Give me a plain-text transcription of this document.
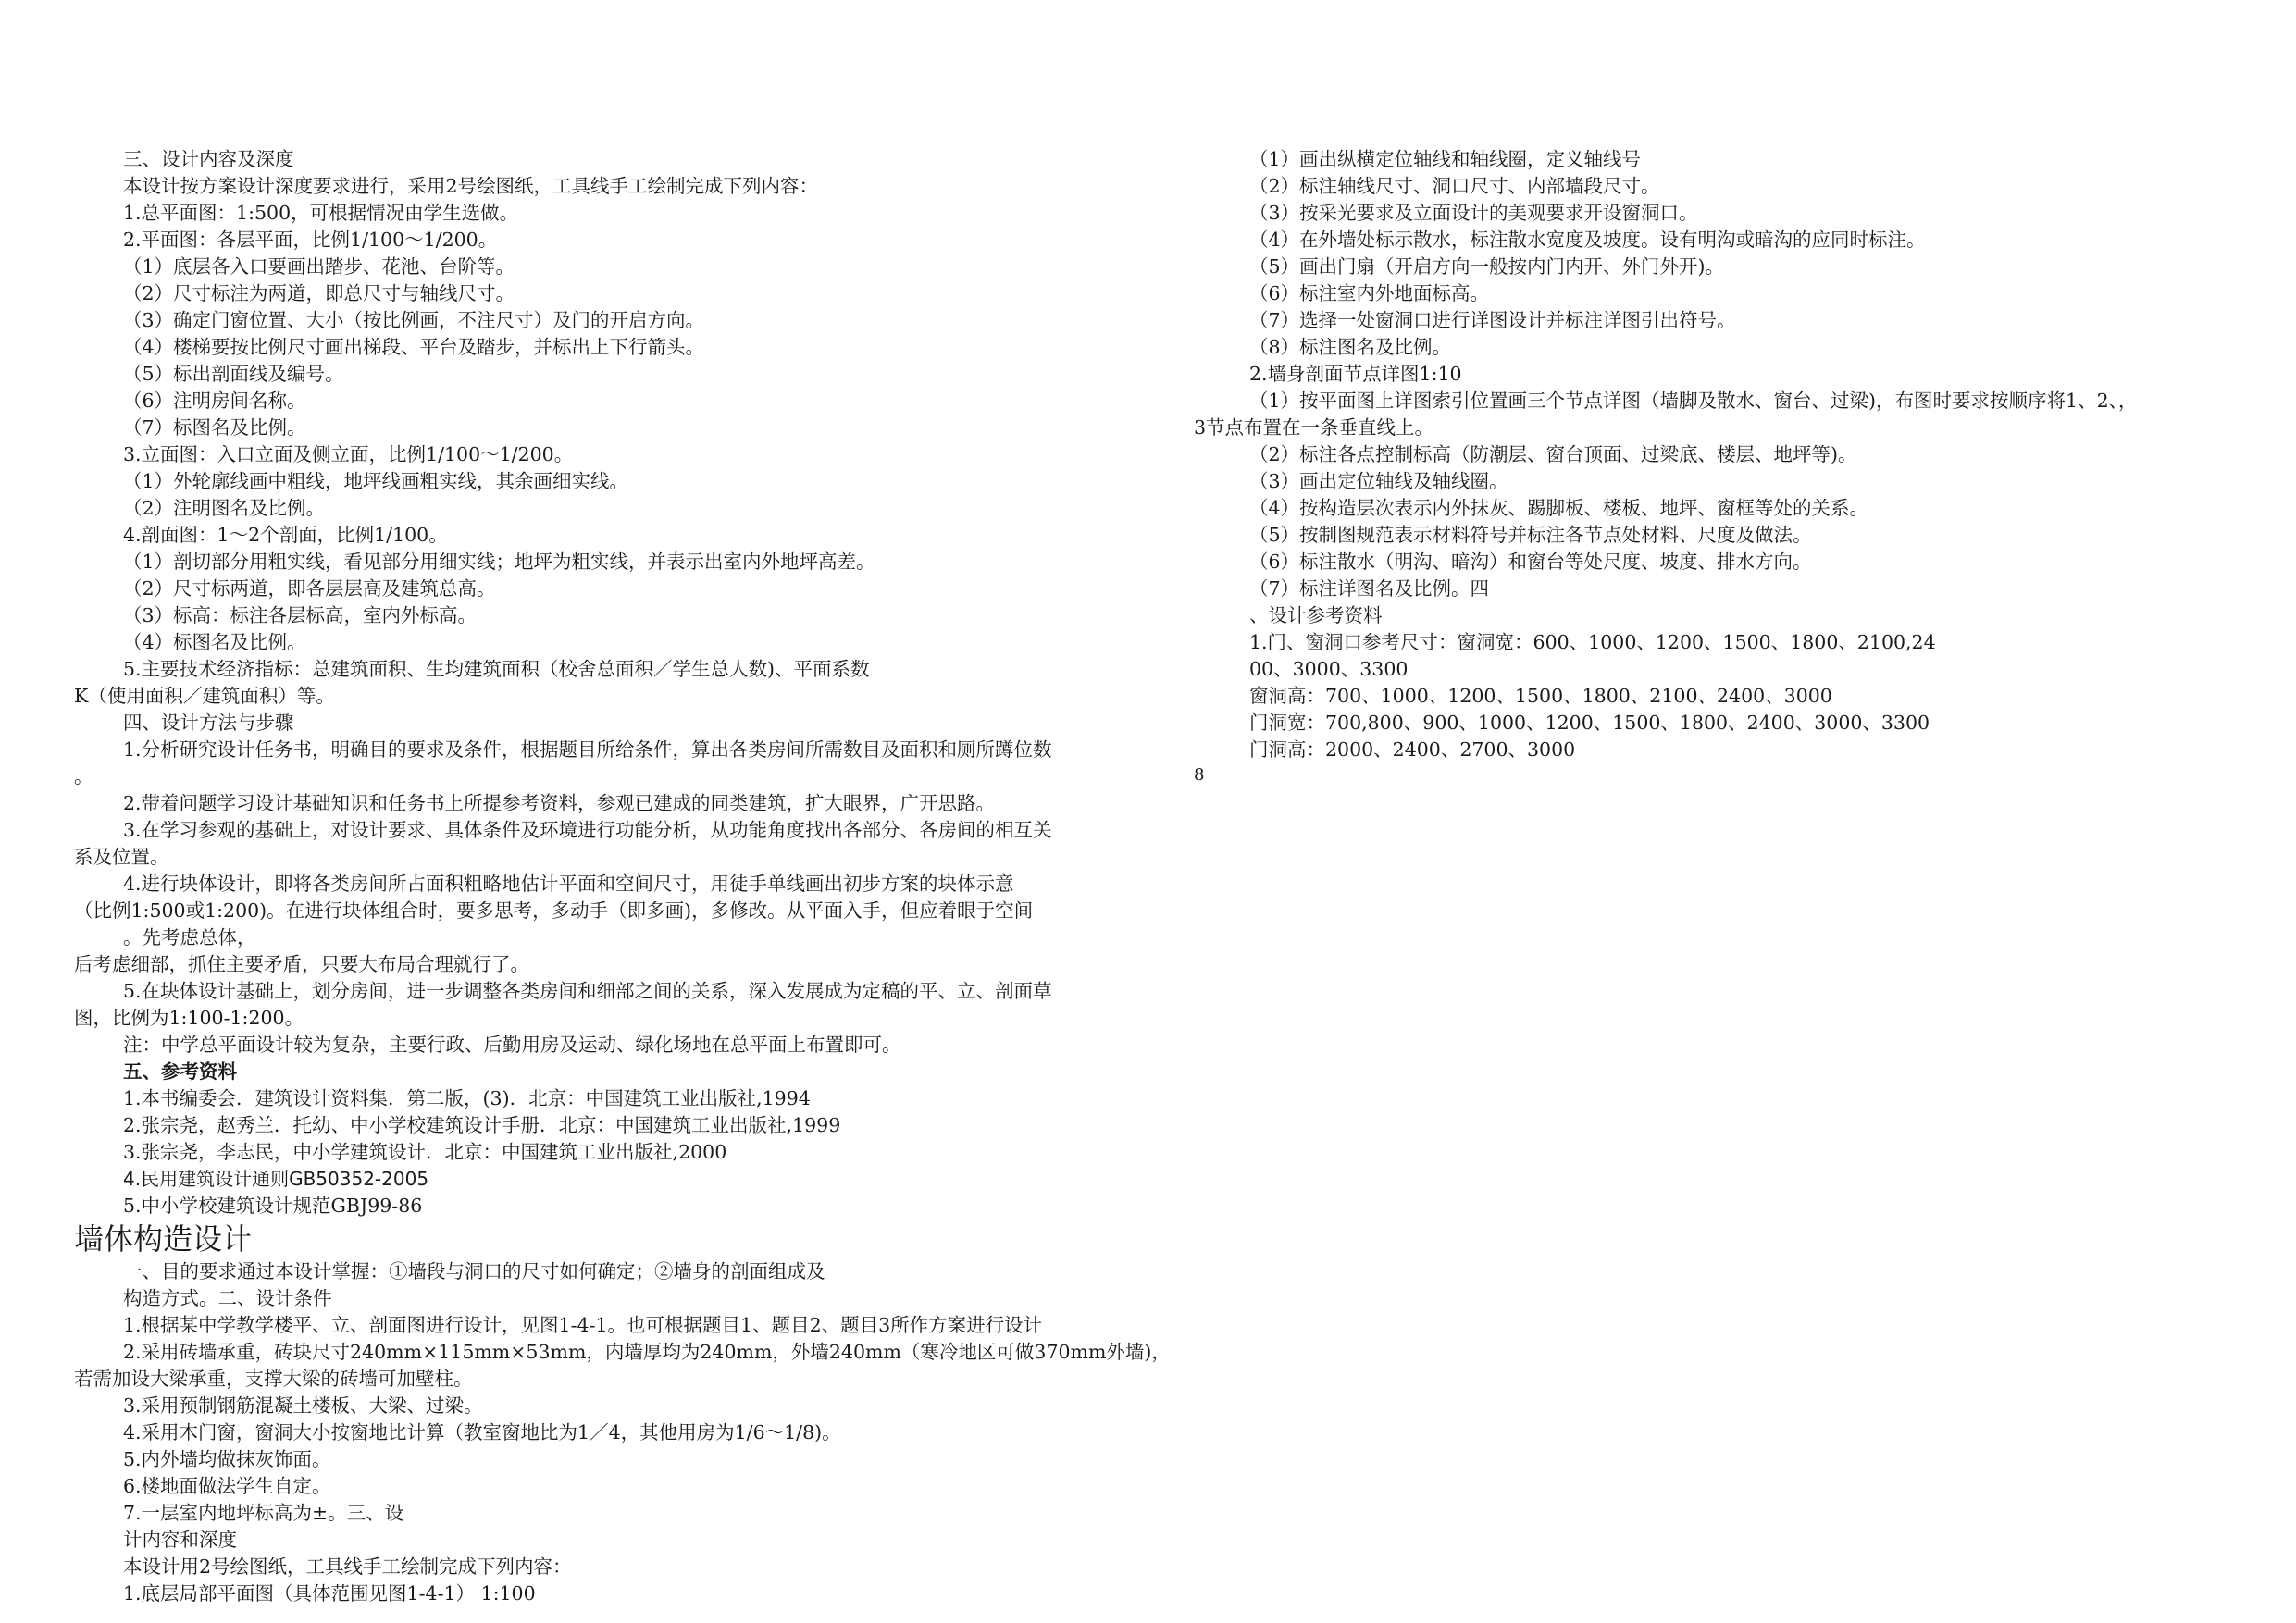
三、设计内容及深度
本设计按方案设计深度要求进行，采用2号绘图纸，工具线手工绘制完成下列内容：
1.总平面图：1:500，可根据情况由学生选做。
2.平面图：各层平面，比例1/100～1/200。
（1）底层各入口要画出踏步、花池、台阶等。
（2）尺寸标注为两道，即总尺寸与轴线尺寸。
（3）确定门窗位置、大小（按比例画，不注尺寸）及门的开启方向。
（4）楼梯要按比例尺寸画出梯段、平台及踏步，并标出上下行箭头。
（5）标出剖面线及编号。
（6）注明房间名称。
（7）标图名及比例。
3.立面图：入口立面及侧立面，比例1/100～1/200。
（1）外轮廓线画中粗线，地坪线画粗实线，其余画细实线。
（2）注明图名及比例。
4.剖面图：1～2个剖面，比例1/100。
（1）剖切部分用粗实线，看见部分用细实线；地坪为粗实线，并表示出室内外地坪高差。
（2）尺寸标两道，即各层层高及建筑总高。
（3）标高：标注各层标高，室内外标高。
（4）标图名及比例。
5.主要技术经济指标：总建筑面积、生均建筑面积（校舍总面积／学生总人数)、平面系数
K（使用面积／建筑面积）等。
四、设计方法与步骤
1.分析研究设计任务书，明确目的要求及条件，根据题目所给条件，算出各类房间所需数目及面积和厕所蹲位数
。
2.带着问题学习设计基础知识和任务书上所提参考资料，参观已建成的同类建筑，扩大眼界，广开思路。
3.在学习参观的基础上，对设计要求、具体条件及环境进行功能分析，从功能角度找出各部分、各房间的相互关
系及位置。
4.进行块体设计，即将各类房间所占面积粗略地估计平面和空间尺寸，用徒手单线画出初步方案的块体示意
（比例1:500或1:200)。在进行块体组合时，要多思考，多动手（即多画)，多修改。从平面入手，但应着眼于空间
。先考虑总体，
后考虑细部，抓住主要矛盾，只要大布局合理就行了。
5.在块体设计基础上，划分房间，进一步调整各类房间和细部之间的关系，深入发展成为定稿的平、立、剖面草
图，比例为1:100-1:200。
注：中学总平面设计较为复杂，主要行政、后勤用房及运动、绿化场地在总平面上布置即可。
五、参考资料
1.本书编委会．建筑设计资料集．第二版，(3)．北京：中国建筑工业出版社,1994
2.张宗尧，赵秀兰．托幼、中小学校建筑设计手册．北京：中国建筑工业出版社,1999
3.张宗尧，李志民，中小学建筑设计．北京：中国建筑工业出版社,2000
4.民用建筑设计通则GB50352-2005
5.中小学校建筑设计规范GBJ99-86
墙体构造设计
一、目的要求通过本设计掌握：①墙段与洞口的尺寸如何确定；②墙身的剖面组成及
构造方式。二、设计条件
1.根据某中学教学楼平、立、剖面图进行设计，见图1-4-1。也可根据题目1、题目2、题目3所作方案进行设计
2.采用砖墙承重，砖块尺寸240mm×115mm×53mm，内墙厚均为240mm，外墙240mm（寒冷地区可做370mm外墙)，
若需加设大梁承重，支撑大梁的砖墙可加壁柱。
3.采用预制钢筋混凝土楼板、大梁、过梁。
4.采用木门窗，窗洞大小按窗地比计算（教室窗地比为1／4，其他用房为1/6～1/8)。
5.内外墙均做抹灰饰面。
6.楼地面做法学生自定。
7.一层室内地坪标高为±。三、设
计内容和深度
本设计用2号绘图纸，工具线手工绘制完成下列内容：
1.底层局部平面图（具体范围见图1-4-1） 1:100
（1）画出纵横定位轴线和轴线圈，定义轴线号
（2）标注轴线尺寸、洞口尺寸、内部墙段尺寸。
（3）按采光要求及立面设计的美观要求开设窗洞口。
（4）在外墙处标示散水，标注散水宽度及坡度。设有明沟或暗沟的应同时标注。
（5）画出门扇（开启方向一般按内门内开、外门外开)。
（6）标注室内外地面标高。
（7）选择一处窗洞口进行详图设计并标注详图引出符号。
（8）标注图名及比例。
2.墙身剖面节点详图1:10
（1）按平面图上详图索引位置画三个节点详图（墙脚及散水、窗台、过梁)，布图时要求按顺序将1、2、，
3节点布置在一条垂直线上。
（2）标注各点控制标高（防潮层、窗台顶面、过梁底、楼层、地坪等)。
（3）画出定位轴线及轴线圈。
（4）按构造层次表示内外抹灰、踢脚板、楼板、地坪、窗框等处的关系。
（5）按制图规范表示材料符号并标注各节点处材料、尺度及做法。
（6）标注散水（明沟、暗沟）和窗台等处尺度、坡度、排水方向。
（7）标注详图名及比例。四
、设计参考资料
1.门、窗洞口参考尺寸：窗洞宽：600、1000、1200、1500、1800、2100,24
00、3000、3300
窗洞高：700、1000、1200、1500、1800、2100、2400、3000
门洞宽：700,800、900、1000、1200、1500、1800、2400、3000、3300
门洞高：2000、2400、2700、3000
8
